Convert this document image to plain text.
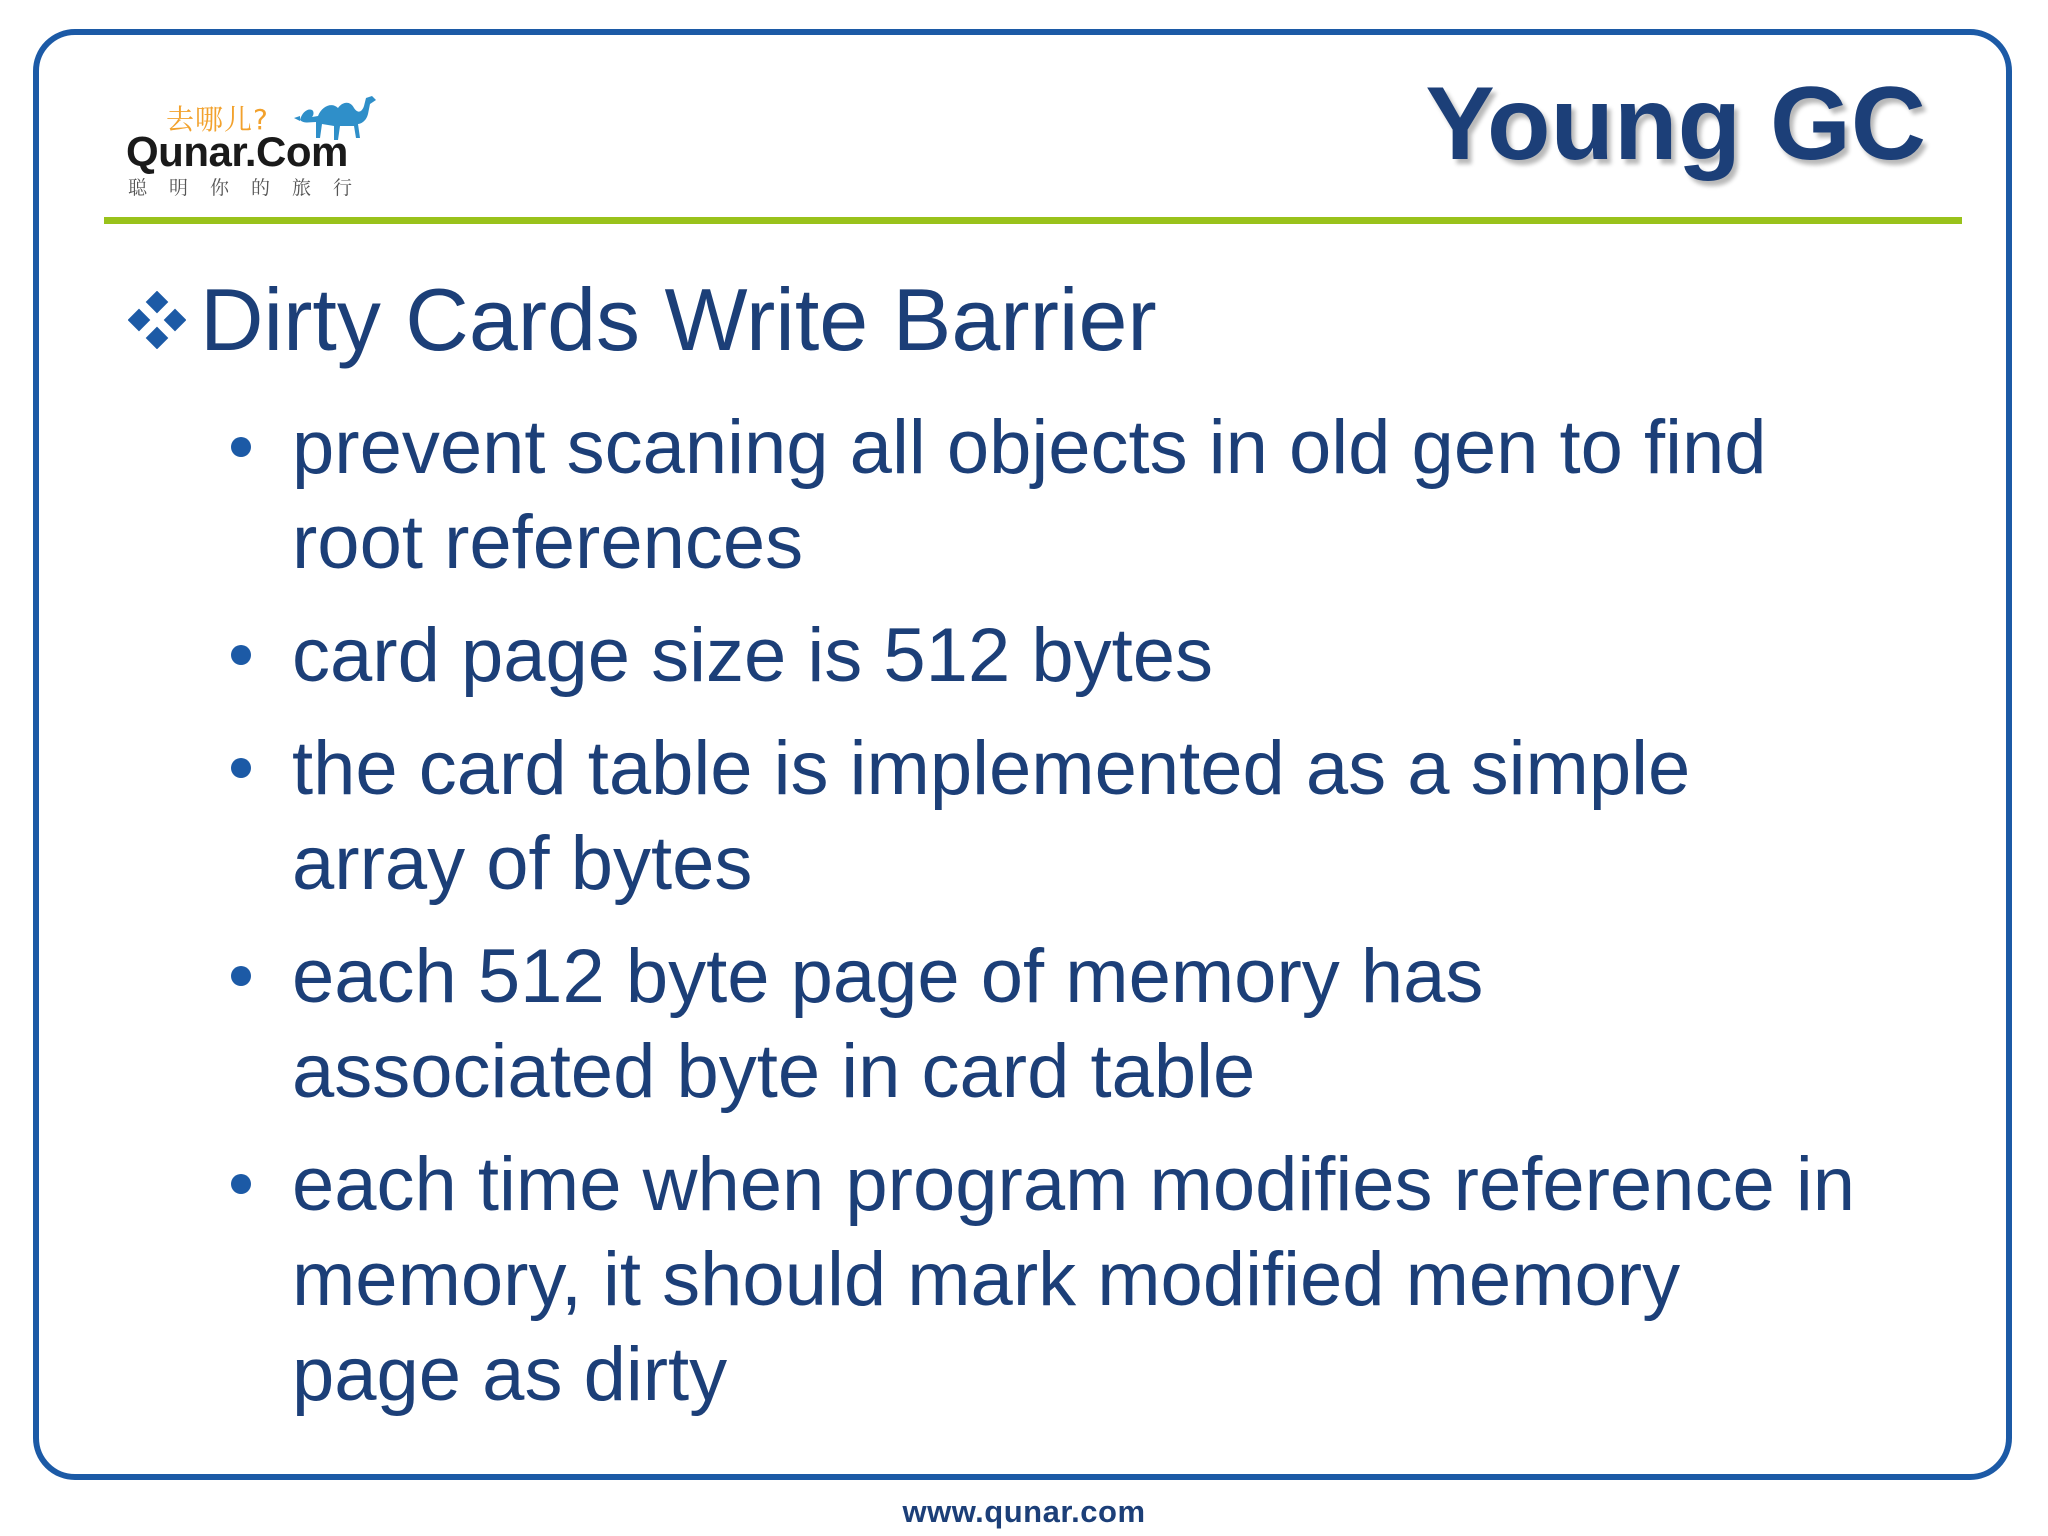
去哪儿?
Qunar.Com
聪明你的旅行
Young GC
Dirty Cards Write Barrier
prevent scaning all objects in old gen to find root references
card page size is 512 bytes
the card table is implemented as a simple array of bytes
each 512 byte page of memory has associated byte in card table
each time when program modifies reference in memory, it should mark modified memory page as dirty
www.qunar.com
